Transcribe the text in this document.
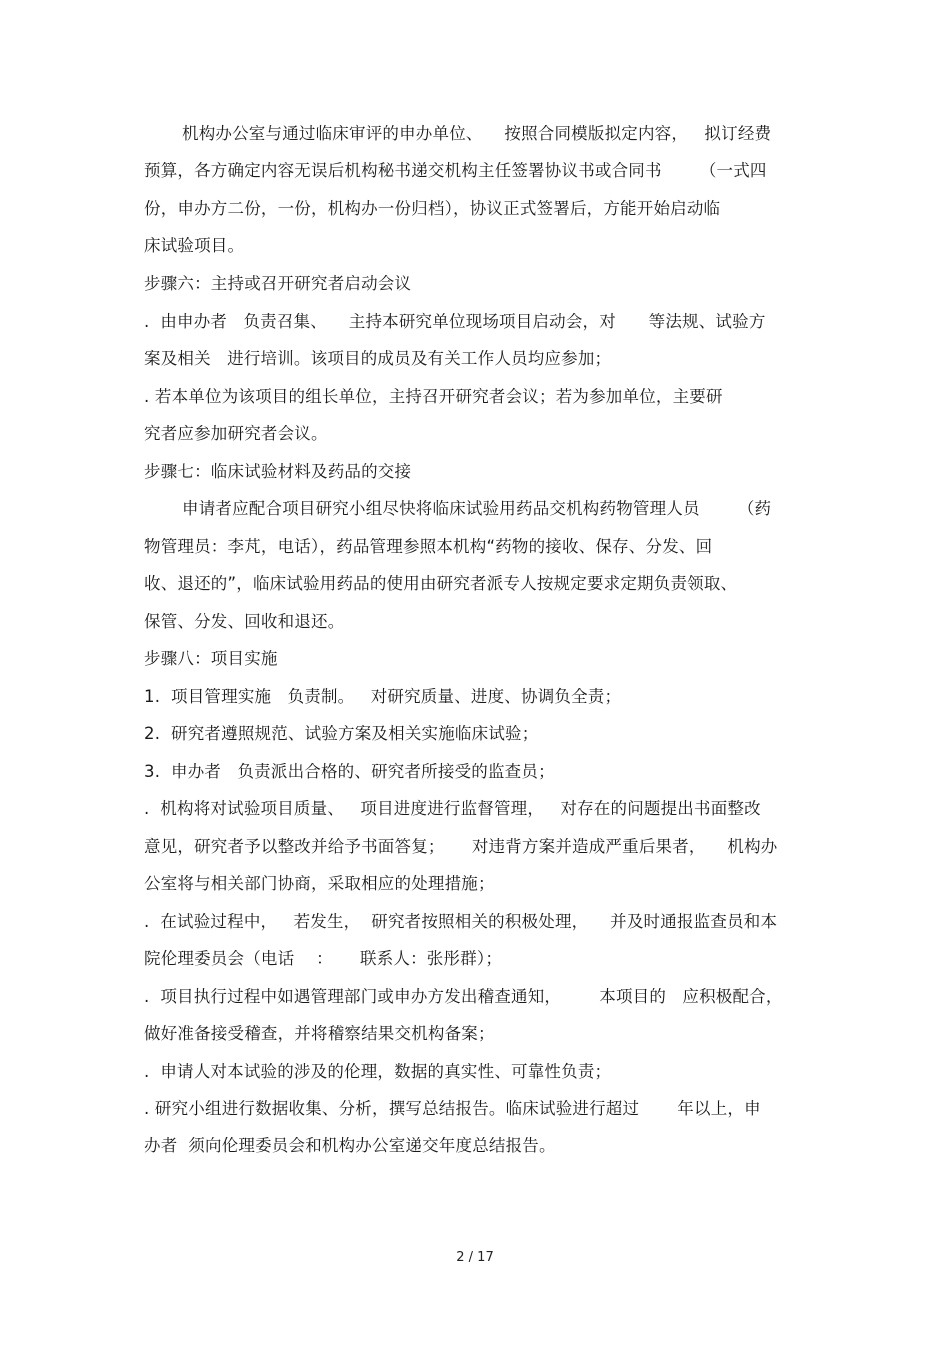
机构办公室与通过临床审评的申办单位、    按照合同模版拟定内容，   拟订经费
预算，各方确定内容无误后机构秘书递交机构主任签署协议书或合同书       （一式四
份，申办方二份，一份，机构办一份归档），协议正式签署后，方能开始启动临
床试验项目。
步骤六：主持或召开研究者启动会议
.  由申办者   负责召集、    主持本研究单位现场项目启动会，对      等法规、试验方
案及相关   进行培训。该项目的成员及有关工作人员均应参加；
. 若本单位为该项目的组长单位，主持召开研究者会议；若为参加单位，主要研
究者应参加研究者会议。
步骤七：临床试验材料及药品的交接
申请者应配合项目研究小组尽快将临床试验用药品交机构药物管理人员       （药
物管理员：李芃，电话），药品管理参照本机构“药物的接收、保存、分发、回
收、退还的”，临床试验用药品的使用由研究者派专人按规定要求定期负责领取、
保管、分发、回收和退还。
步骤八：项目实施
1.  项目管理实施   负责制。   对研究质量、进度、协调负全责；
2.  研究者遵照规范、试验方案及相关实施临床试验；
3.  申办者   负责派出合格的、研究者所接受的监查员；
.  机构将对试验项目质量、   项目进度进行监督管理，   对存在的问题提出书面整改
意见，研究者予以整改并给予书面答复；     对违背方案并造成严重后果者，    机构办
公室将与相关部门协商，采取相应的处理措施；
.  在试验过程中，   若发生，  研究者按照相关的积极处理，    并及时通报监查员和本
院伦理委员会（电话    ：     联系人：张彤群）；
.  项目执行过程中如遇管理部门或申办方发出稽查通知，       本项目的   应积极配合，
做好准备接受稽查，并将稽察结果交机构备案；
.  申请人对本试验的涉及的伦理，数据的真实性、可靠性负责；
. 研究小组进行数据收集、分析，撰写总结报告。临床试验进行超过       年以上，申
办者  须向伦理委员会和机构办公室递交年度总结报告。
2 / 17
